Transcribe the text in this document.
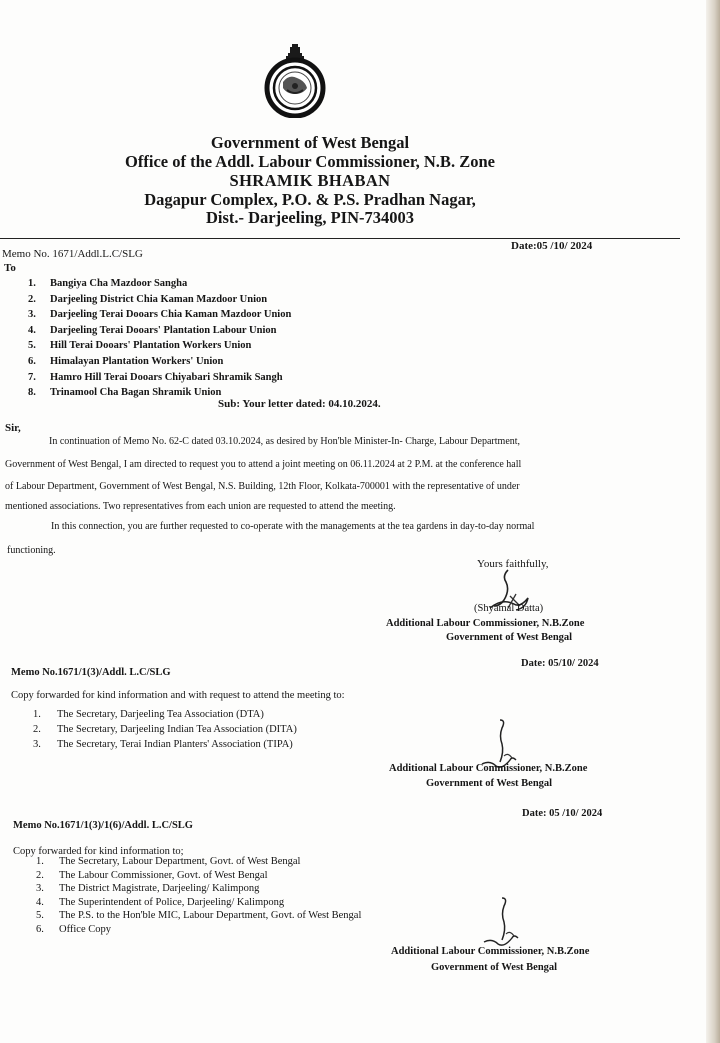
Government of West Bengal
Office of the Addl. Labour Commissioner, N.B. Zone
SHRAMIK BHABAN
Dagapur Complex, P.O. & P.S. Pradhan Nagar,
Dist.- Darjeeling, PIN-734003
Memo No. 1671/Addl.L.C/SLG
Date:05 /10/ 2024
To
1. Bangiya Cha Mazdoor Sangha
2. Darjeeling District Chia Kaman Mazdoor Union
3. Darjeeling Terai Dooars Chia Kaman Mazdoor Union
4. Darjeeling Terai Dooars' Plantation Labour Union
5. Hill Terai Dooars' Plantation Workers Union
6. Himalayan Plantation Workers' Union
7. Hamro Hill Terai Dooars Chiyabari Shramik Sangh
8. Trinamool Cha Bagan Shramik Union
Sub: Your letter dated: 04.10.2024.
Sir,
In continuation of Memo No. 62-C dated 03.10.2024, as desired by Hon'ble Minister-In- Charge, Labour Department,
Government of West Bengal, I am directed to request you to attend a joint meeting on 06.11.2024 at 2 P.M. at the conference hall
of Labour Department, Government of West Bengal, N.S. Building, 12th Floor, Kolkata-700001 with the representative of under
mentioned associations. Two representatives from each union are requested to attend the meeting.
In this connection, you are further requested to co-operate with the managements at the tea gardens in day-to-day normal
functioning.
Yours faithfully,
(Shyamal Datta)
Additional Labour Commissioner, N.B.Zone
Government of West Bengal
Memo No.1671/1(3)/Addl. L.C/SLG
Date: 05/10/ 2024
Copy forwarded for kind information and with request to attend the meeting to:
1. The Secretary, Darjeeling Tea Association (DTA)
2. The Secretary, Darjeeling Indian Tea Association (DITA)
3. The Secretary, Terai Indian Planters' Association (TIPA)
Additional Labour Commissioner, N.B.Zone
Government of West Bengal
Memo No.1671/1(3)/1(6)/Addl. L.C/SLG
Date: 05 /10/ 2024
Copy forwarded for kind information to;
1. The Secretary, Labour Department, Govt. of West Bengal
2. The Labour Commissioner, Govt. of West Bengal
3. The District Magistrate, Darjeeling/ Kalimpong
4. The Superintendent of Police, Darjeeling/ Kalimpong
5. The P.S. to the Hon'ble MIC, Labour Department, Govt. of West Bengal
6. Office Copy
Additional Labour Commissioner, N.B.Zone
Government of West Bengal
